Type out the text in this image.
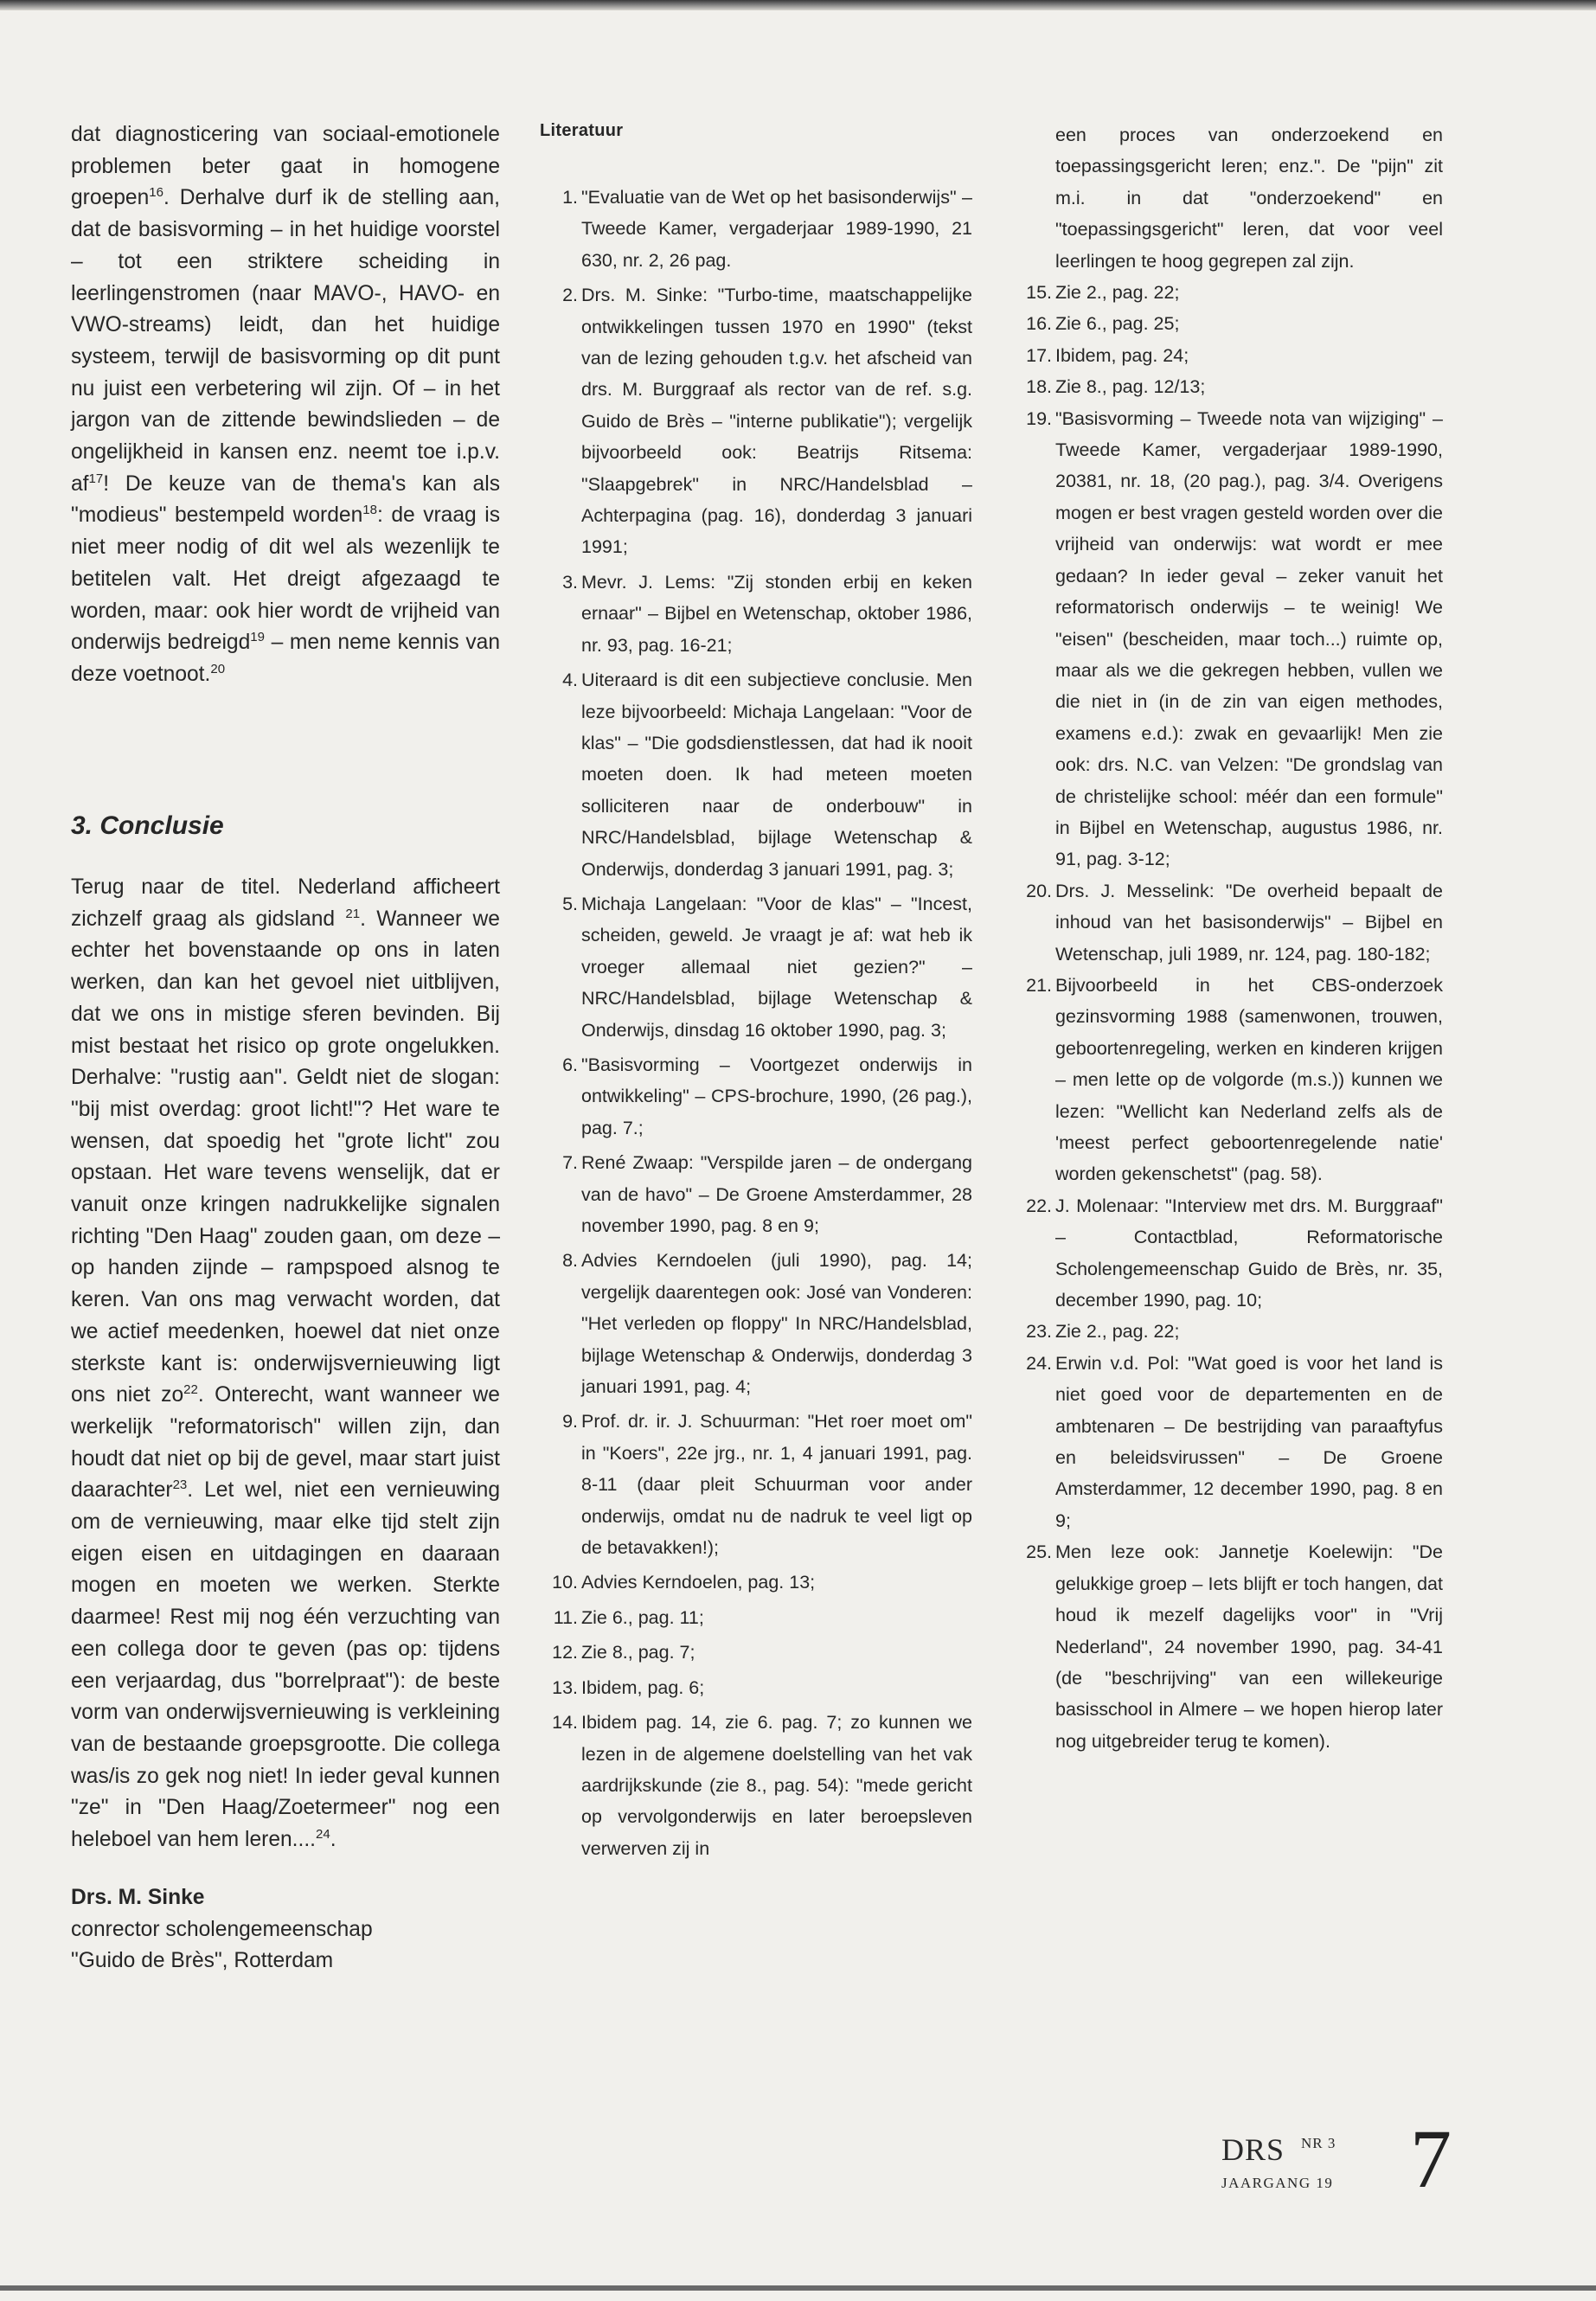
dat diagnosticering van sociaal-emotionele problemen beter gaat in homogene groepen$^{16}$. Derhalve durf ik de stelling aan, dat de basisvorming – in het huidige voorstel – tot een striktere scheiding in leerlingenstromen (naar MAVO-, HAVO- en VWO-streams) leidt, dan het huidige systeem, terwijl de basisvorming op dit punt nu juist een verbetering wil zijn. Of – in het jargon van de zittende bewindslieden – de ongelijkheid in kansen enz. neemt toe i.p.v. $af^{17}$! De keuze van de thema's kan als "modieus" bestempeld worden$^{18}$: de vraag is niet meer nodig of dit wel als wezenlijk te betitelen valt. Het dreigt afgezaagd te worden, maar: ook hier wordt de vrijheid van onderwijs bedreigd$^{19}$ – men neme kennis van deze voetnoot.$^{20}$

3. Conclusie

Terug naar de titel. Nederland affichеert zichzelf graag als gidsland $^{21}$. Wanneer we echter het bovenstaande op ons in laten werken, dan kan het gevoel niet uitblijven, dat we ons in mistige sferen bevinden. Bij mist bestaat het risico op grote ongelukken. Derhalve: "rustig aan". Geldt niet de slogan: "bij mist overdag: groot licht!"? Het ware te wensen, dat spoedig het "grote licht" zou opstaan. Het ware tevens wenselijk, dat er vanuit onze kringen nadrukkelijke signalen richting "Den Haag" zouden gaan, om deze – op handen zijnde – rampspoed alsnog te keren. Van ons mag verwacht worden, dat we actief meedenken, hoewel dat niet onze sterkste kant is: onderwijsvernieuwing ligt ons niet $zo^{22}$. Onterecht, want wanneer we werkelijk "reformatorisch" willen zijn, dan houdt dat niet op bij de gevel, maar start juist daarachter$^{23}$. Let wel, niet een vernieuwing om de vernieuwing, maar elke tijd stelt zijn eigen eisen en uitdagingen en daaraan mogen en moeten we werken. Sterkte daarmee! Rest mij nog één verzuchting van een collega door te geven (pas op: tijdens een verjaardag, dus "borrelpraat"): de beste vorm van onderwijsvernieuwing is verkleining van de bestaande groepsgrootte. Die collega was/is zo gek nog niet! In ieder geval kunnen "ze" in "Den Haag/Zoetermeer" nog een heleboel van hem leren....$^{24}$.

Drs. M. Sinke
conrector scholengemeenschap
"Guido de Brès", Rotterdam
Literatuur
1. "Evaluatie van de Wet op het basisonderwijs" – Tweede Kamer, vergaderjaar 1989-1990, 21 630, nr. 2, 26 pag.
2. Drs. M. Sinke: "Turbo-time, maatschappelijke ontwikkelingen tussen 1970 en 1990" (tekst van de lezing gehouden t.g.v. het afscheid van drs. M. Burggraaf als rector van de ref. s.g. Guido de Brès – "interne publikatie"); vergelijk bijvoorbeeld ook: Beatrijs Ritsema: "Slaapgebrek" in NRC/Handelsblad – Achterpagina (pag. 16), donderdag 3 januari 1991;
3. Mevr. J. Lems: "Zij stonden erbij en keken ernaar" – Bijbel en Wetenschap, oktober 1986, nr. 93, pag. 16-21;
4. Uiteraard is dit een subjectieve conclusie. Men leze bijvoorbeeld: Michaja Langelaan: "Voor de klas" – "Die godsdienstlessen, dat had ik nooit moeten doen. Ik had meteen moeten solliciteren naar de onderbouw" in NRC/Handelsblad, bijlage Wetenschap & Onderwijs, donderdag 3 januari 1991, pag. 3;
5. Michaja Langelaan: "Voor de klas" – "Incest, scheiden, geweld. Je vraagt je af: wat heb ik vroeger allemaal niet gezien?" – NRC/Handelsblad, bijlage Wetenschap & Onderwijs, dinsdag 16 oktober 1990, pag. 3;
6. "Basisvorming – Voortgezet onderwijs in ontwikkeling" – CPS-brochure, 1990, (26 pag.), pag. 7.;
7. René Zwaap: "Verspilde jaren – de ondergang van de havo" – De Groene Amsterdammer, 28 november 1990, pag. 8 en 9;
8. Advies Kerndoelen (juli 1990), pag. 14; vergelijk daarentegen ook: José van Vonderen: "Het verleden op floppy" In NRC/Handelsblad, bijlage Wetenschap & Onderwijs, donderdag 3 januari 1991, pag. 4;
9. Prof. dr. ir. J. Schuurman: "Het roer moet om" in "Koers", 22e jrg., nr. 1, 4 januari 1991, pag. 8-11 (daar pleit Schuurman voor ander onderwijs, omdat nu de nadruk te veel ligt op de betavakken!);
10. Advies Kerndoelen, pag. 13;
11. Zie 6., pag. 11;
12. Zie 8., pag. 7;
13. Ibidem, pag. 6;
14. Ibidem pag. 14, zie 6. pag. 7; zo kunnen we lezen in de algemene doelstelling van het vak aardrijkskunde (zie 8., pag. 54): "mede gericht op vervolgonderwijs en later beroepsleven verwerven zij in

een proces van onderzoekend en toepassingsgericht leren; enz.". De "pijn" zit m.i. in dat "onderzoekend" en "toepassingsgericht" leren, dat voor veel leerlingen te hoog gegrepen zal zijn.

15. Zie 2., pag. 22;
16. Zie 6., pag. 25;
17. Ibidem, pag. 24;
18. Zie 8., pag. 12/13;
19. "Basisvorming – Tweede nota van wijziging" – Tweede Kamer, vergaderjaar 1989-1990, 20381, nr. 18, (20 pag.), pag. 3/4. Overigens mogen er best vragen gesteld worden over die vrijheid van onderwijs: wat wordt er mee gedaan? In ieder geval – zeker vanuit het reformatorisch onderwijs – te weinig! We "eisen" (bescheiden, maar toch...) ruimte op, maar als we die gekregen hebben, vullen we die niet in (in de zin van eigen methodes, examens e.d.): zwak en gevaarlijk! Men zie ook: drs. N.C. van Velzen: "De grondslag van de christelijke school: méér dan een formule" in Bijbel en Wetenschap, augustus 1986, nr. 91, pag. 3-12;
20. Drs. J. Messelink: "De overheid bepaalt de inhoud van het basisonderwijs" – Bijbel en Wetenschap, juli 1989, nr. 124, pag. 180-182;
21. Bijvoorbeeld in het CBS-onderzoek gezinsvorming 1988 (samenwonen, trouwen, geboortenregeling, werken en kinderen krijgen – men lette op de volgorde (m.s.)) kunnen we lezen: "Wellicht kan Nederland zelfs als de 'meest perfect geboortenregelende natie' worden gekenschetst" (pag. 58).
22. J. Molenaar: "Interview met drs. M. Burggraaf" – Contactblad, Reformatorische Scholengemeenschap Guido de Brès, nr. 35, december 1990, pag. 10;
23. Zie 2., pag. 22;
24. Erwin v.d. Pol: "Wat goed is voor het land is niet goed voor de departementen en de ambtenaren – De bestrijding van paraaftyfus en beleidsvirussen" – De Groene Amsterdammer, 12 december 1990, pag. 8 en 9;
25. Men leze ook: Jannetje Koelewijn: "De gelukkige groep – Iets blijft er toch hangen, dat houd ik mezelf dagelijks voor" in "Vrij Nederland", 24 november 1990, pag. 34-41 (de "beschrijving" van een willekeurige basisschool in Almere – we hopen hierop later nog uitgebreider terug te komen).
DRS NR 3
JAARGANG 19 7
